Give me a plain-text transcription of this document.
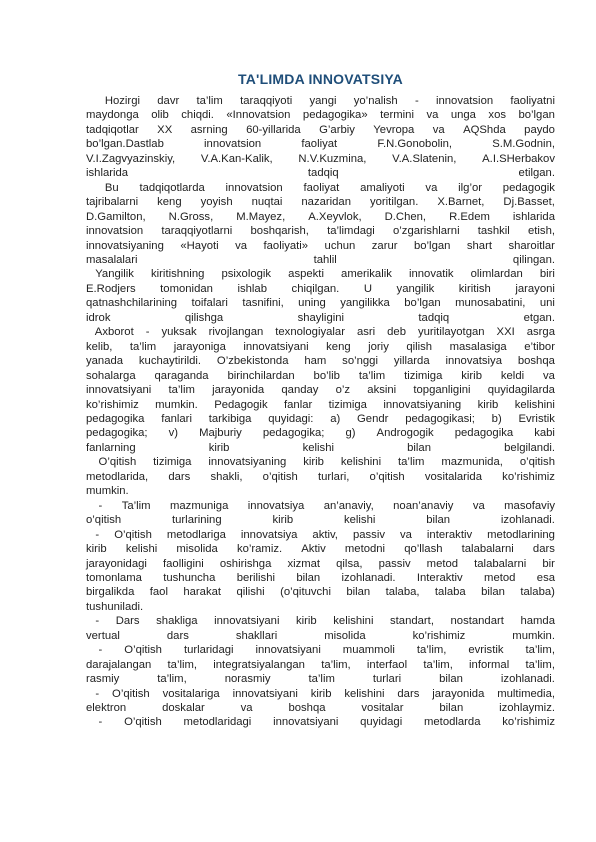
TA'LIMDA INNOVATSIYA
Hozirgi davr ta’lim taraqqiyoti yangi yo’nalish - innovatsion faoliyatni
maydonga olib chiqdi. «Innovatsion pedagogika» termini va unga xos bo’lgan
tadqiqotlar XX asrning 60-yillarida G’arbiy Yevropa va AQShda paydo
bo’lgan.Dastlab	innovatsion	faoliyat	F.N.Gonobolin,	S.M.Godnin,
V.I.Zagvyazinskiy, V.A.Kan-Kalik, N.V.Kuzmina, V.A.Slatenin, A.I.SHerbakov
ishlarida	tadqiq	etilgan.
Bu tadqiqotlarda innovatsion faoliyat amaliyoti va ilg’or pedagogik
tajribalarni keng yoyish nuqtai nazaridan yoritilgan. X.Barnet, Dj.Basset,
D.Gamilton, N.Gross, M.Mayez, A.Xeyvlok, D.Chen, R.Edem ishlarida
innovatsion taraqqiyotlarni boshqarish, ta’limdagi o’zgarishlarni tashkil etish,
innovatsiyaning «Hayoti va faoliyati» uchun zarur bo’lgan shart sharoitlar
masalalari	tahlil	qilingan.
Yangilik kiritishning psixologik aspekti amerikalik innovatik olimlardan biri
E.Rodjers tomonidan ishlab chiqilgan. U yangilik kiritish jarayoni
qatnashchilarining toifalari tasnifini, uning yangilikka bo’lgan munosabatini, uni
idrok	qilishga	shayligini	tadqiq	etgan.
Axborot - yuksak rivojlangan texnologiyalar asri deb yuritilayotgan XXI asrga
kelib, ta’lim jarayoniga innovatsiyani keng joriy qilish masalasiga e’tibor
yanada kuchaytirildi. O’zbekistonda ham so’nggi yillarda innovatsiya boshqa
sohalarga qaraganda birinchilardan bo’lib ta’lim tizimiga kirib keldi va
innovatsiyani ta’lim jarayonida qanday o’z aksini topganligini quyidagilarda
ko’rishimiz mumkin. Pedagogik fanlar tizimiga innovatsiyaning kirib kelishini
pedagogika fanlari tarkibiga quyidagi: a) Gendr pedagogikasi; b) Evristik
pedagogika; v) Majburiy pedagogika; g) Androgogik pedagogika kabi
fanlarning	kirib	kelishi	bilan	belgilandi.
O’qitish tizimiga innovatsiyaning kirib kelishini ta’lim mazmunida, o’qitish
metodlarida, dars shakli, o’qitish turlari, o’qitish vositalarida ko’rishimiz
mumkin.
- Ta’lim mazmuniga innovatsiya an’anaviy, noan’anaviy va masofaviy
o’qitish	turlarining	kirib	kelishi	bilan	izohlanadi.
- O’qitish metodlariga innovatsiya aktiv, passiv va interaktiv metodlarining
kirib kelishi misolida ko’ramiz. Aktiv metodni qo’llash talabalarni dars
jarayonidagi faolligini oshirishga xizmat qilsa, passiv metod talabalarni bir
tomonlama tushuncha berilishi bilan izohlanadi. Interaktiv metod esa
birgalikda faol harakat qilishi (o’qituvchi bilan talaba, talaba bilan talaba)
tushuniladi.
- Dars shakliga innovatsiyani kirib kelishini standart, nostandart hamda
vertual	dars	shakllari	misolida	ko’rishimiz	mumkin.
- O’qitish turlaridagi innovatsiyani muammoli ta’lim, evristik ta’lim,
darajalangan ta’lim, integratsiyalangan ta’lim, interfaol ta’lim, informal ta’lim,
rasmiy	ta’lim,	norasmiy	ta’lim	turlari	bilan	izohlanadi.
- O’qitish vositalariga innovatsiyani kirib kelishini dars jarayonida multimedia,
elektron	doskalar	va	boshqa	vositalar	bilan	izohlaymiz.
- O’qitish metodlaridagi innovatsiyani quyidagi metodlarda ko’rishimiz
